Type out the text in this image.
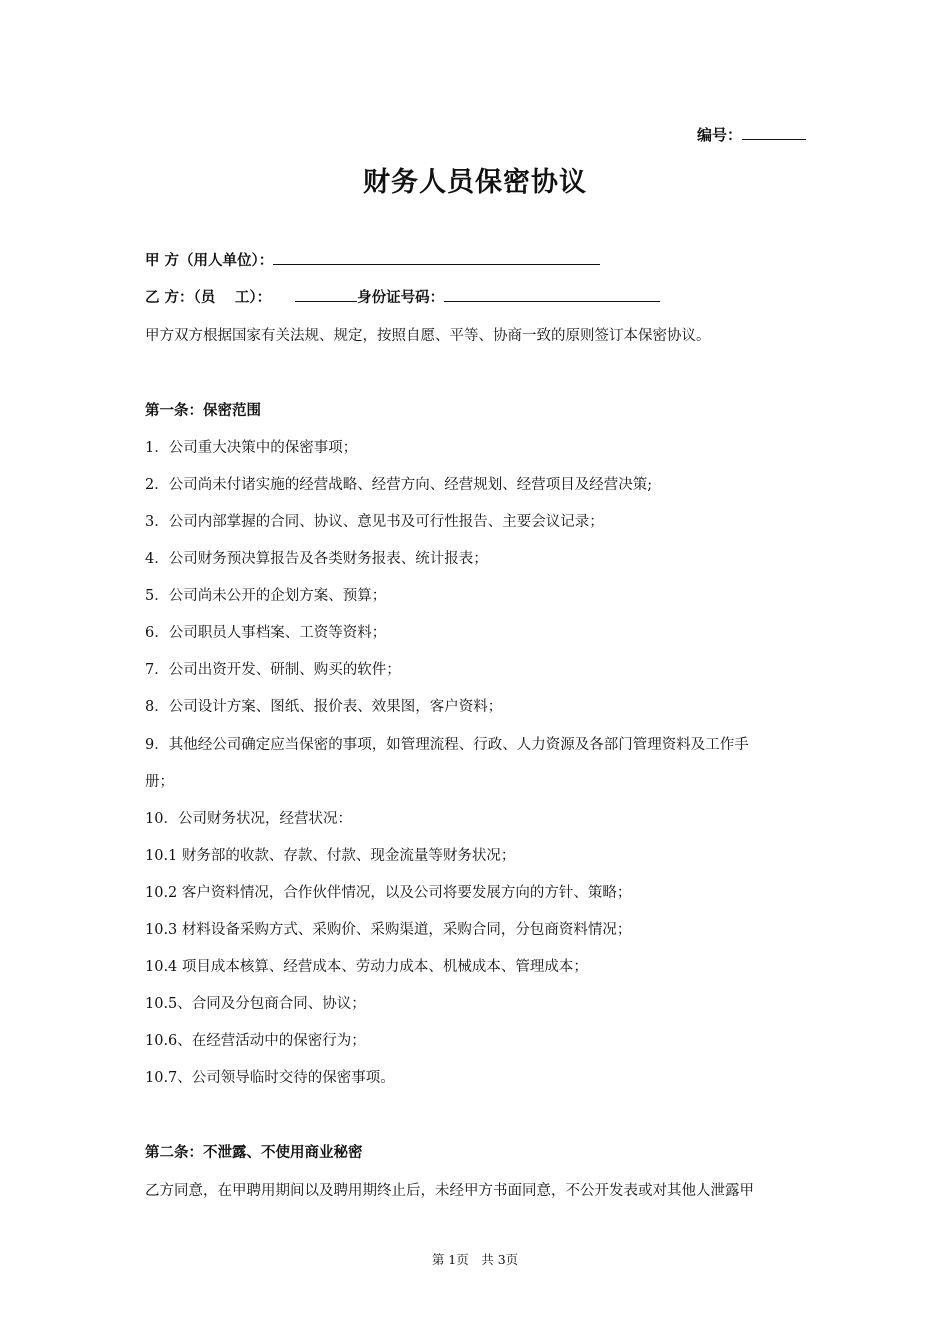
编号：
财务人员保密协议
甲 方（用人单位）：
乙 方：（员　 工）：	身份证号码：
甲方双方根据国家有关法规、规定，按照自愿、平等、协商一致的原则签订本保密协议。
第一条：保密范围
1．公司重大决策中的保密事项；
2．公司尚未付诸实施的经营战略、经营方向、经营规划、经营项目及经营决策;
3．公司内部掌握的合同、协议、意见书及可行性报告、主要会议记录；
4．公司财务预决算报告及各类财务报表、统计报表；
5．公司尚未公开的企划方案、预算；
6．公司职员人事档案、工资等资料；
7．公司出资开发、研制、购买的软件；
8．公司设计方案、图纸、报价表、效果图，客户资料；
9．其他经公司确定应当保密的事项，如管理流程、行政、人力资源及各部门管理资料及工作手
册；
10．公司财务状况，经营状况：
10.1 财务部的收款、存款、付款、现金流量等财务状况；
10.2 客户资料情况，合作伙伴情况，以及公司将要发展方向的方针、策略；
10.3 材料设备采购方式、采购价、采购渠道，采购合同，分包商资料情况；
10.4 项目成本核算、经营成本、劳动力成本、机械成本、管理成本；
10.5、合同及分包商合同、协议；
10.6、在经营活动中的保密行为；
10.7、公司领导临时交待的保密事项。
第二条：不泄露、不使用商业秘密
乙方同意，在甲聘用期间以及聘用期终止后，未经甲方书面同意，不公开发表或对其他人泄露甲
第 1页　共 3页
